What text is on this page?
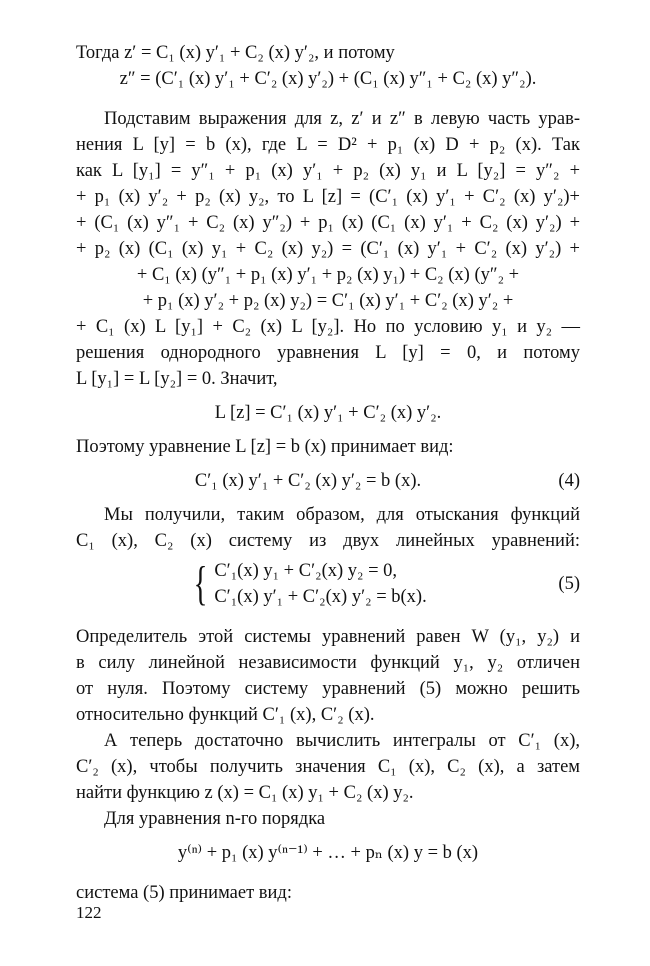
Тогда z′ = C₁ (x) y′₁ + C₂ (x) y′₂, и потому
z″ = (C′₁ (x) y′₁ + C′₂ (x) y′₂) + (C₁ (x) y″₁ + C₂ (x) y″₂).
Подставим выражения для z, z′ и z″ в левую часть урав-
нения L [y] = b (x), где L = D² + p₁ (x) D + p₂ (x). Так
как L [y₁] = y″₁ + p₁ (x) y′₁ + p₂ (x) y₁ и L [y₂] = y″₂ +
+ p₁ (x) y′₂ + p₂ (x) y₂, то L [z] = (C′₁ (x) y′₁ + C′₂ (x) y′₂)+
+ (C₁ (x) y″₁ + C₂ (x) y″₂) + p₁ (x) (C₁ (x) y′₁ + C₂ (x) y′₂) +
+ p₂ (x) (C₁ (x) y₁ + C₂ (x) y₂) = (C′₁ (x) y′₁ + C′₂ (x) y′₂) +
+ C₁ (x) (y″₁ + p₁ (x) y′₁ + p₂ (x) y₁) + C₂ (x) (y″₂ +
+ p₁ (x) y′₂ + p₂ (x) y₂) = C′₁ (x) y′₁ + C′₂ (x) y′₂ +
+ C₁ (x) L [y₁] + C₂ (x) L [y₂]. Но по условию y₁ и y₂ —
решения однородного уравнения L [y] = 0, и потому
L [y₁] = L [y₂] = 0. Значит,
L [z] = C′₁ (x) y′₁ + C′₂ (x) y′₂.
Поэтому уравнение L [z] = b (x) принимает вид:
C′₁ (x) y′₁ + C′₂ (x) y′₂ = b (x).	(4)
Мы получили, таким образом, для отыскания функций
C₁ (x), C₂ (x) систему из двух линейных уравнений:
{ C′₁(x) y₁ + C′₂(x) y₂ = 0,
C′₁(x) y′₁ + C′₂(x) y′₂ = b(x).
(5)
Определитель этой системы уравнений равен W (y₁, y₂) и
в силу линейной независимости функций y₁, y₂ отличен
от нуля. Поэтому систему уравнений (5) можно решить
относительно функций C′₁ (x), C′₂ (x).
А теперь достаточно вычислить интегралы от C′₁ (x),
C′₂ (x), чтобы получить значения C₁ (x), C₂ (x), а затем
найти функцию z (x) = C₁ (x) y₁ + C₂ (x) y₂.
Для уравнения n-го порядка
y⁽ⁿ⁾ + p₁ (x) y⁽ⁿ⁻¹⁾ + … + pₙ (x) y = b (x)
система (5) принимает вид:
122
